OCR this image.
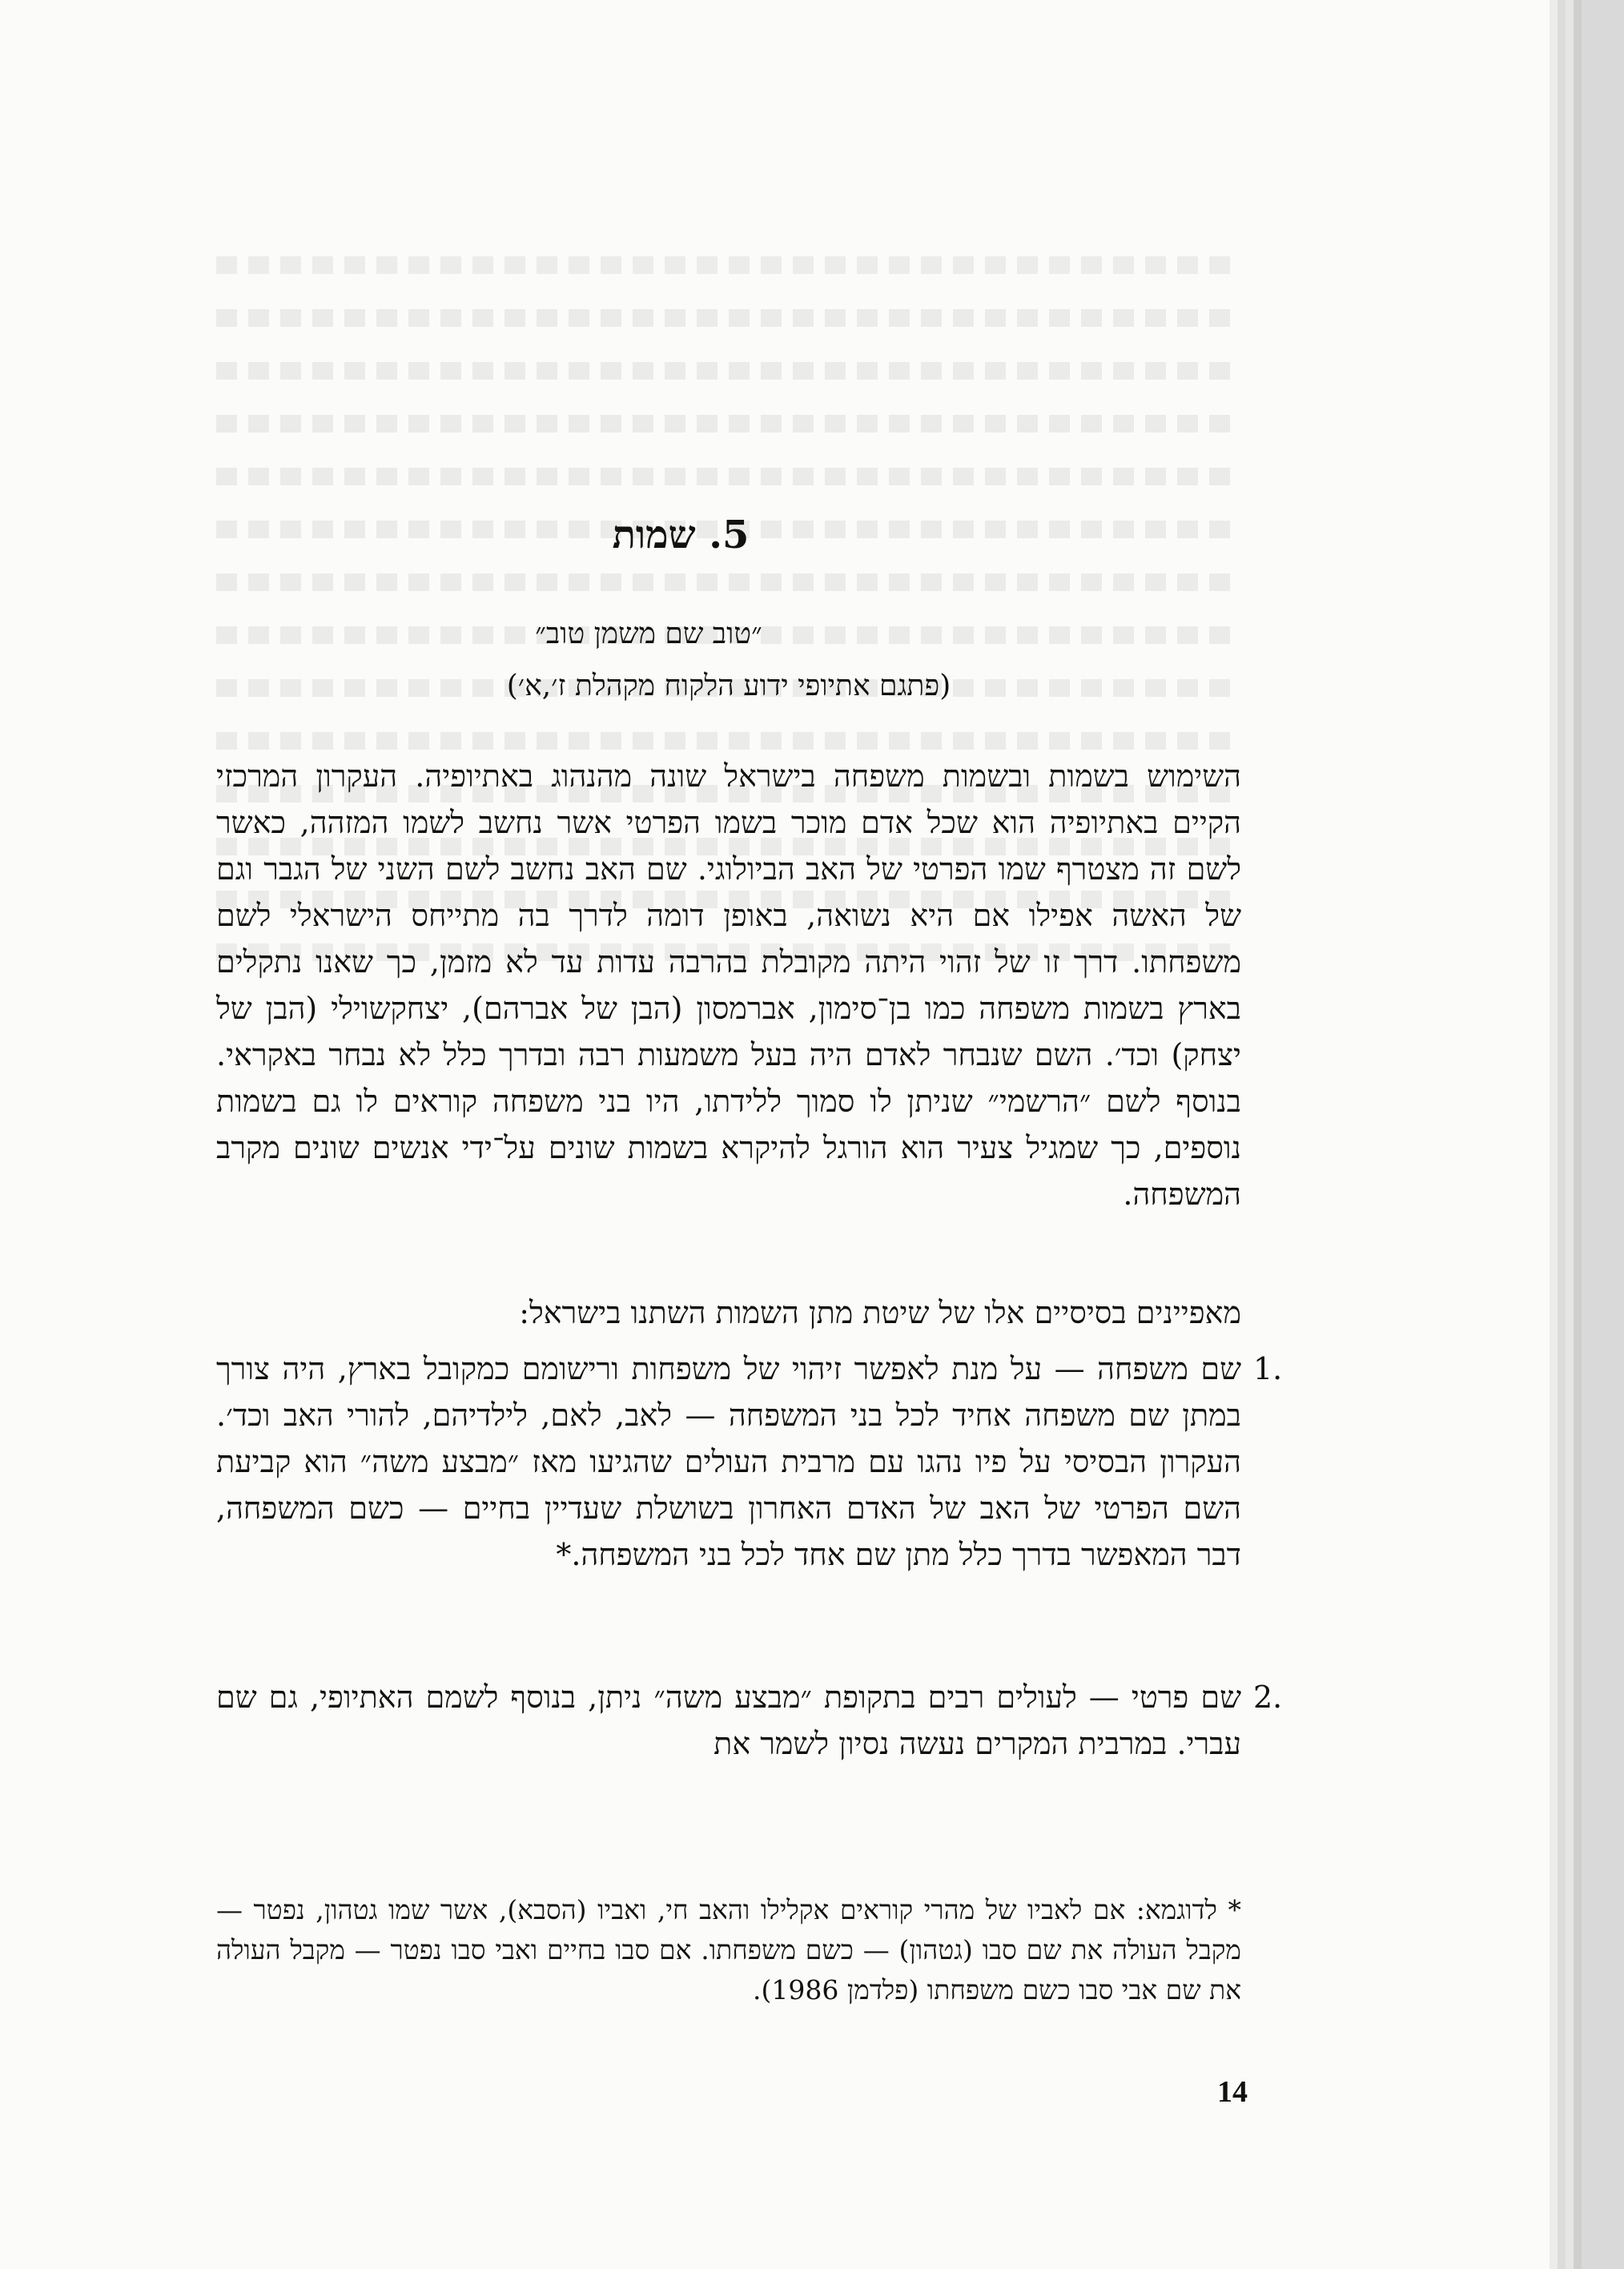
5. שמות
״טוב שם משמן טוב״
(פתגם אתיופי ידוע הלקוח מקהלת ז׳,א׳)

השימוש בשמות ובשמות משפחה בישראל שונה מהנהוג באתיופיה. העקרון המרכזי הקיים באתיופיה הוא שכל אדם מוכר בשמו הפרטי אשר נחשב לשמו המזהה, כאשר לשם זה מצטרף שמו הפרטי של האב הביולוגי. שם האב נחשב לשם השני של הגבר וגם של האשה אפילו אם היא נשואה, באופן דומה לדרך בה מתייחס הישראלי לשם משפחתו. דרך זו של זהוי היתה מקובלת בהרבה עדות עד לא מזמן, כך שאנו נתקלים בארץ בשמות משפחה כמו בן־סימון, אברמסון (הבן של אברהם), יצחקשוילי (הבן של יצחק) וכד׳. השם שנבחר לאדם היה בעל משמעות רבה ובדרך כלל לא נבחר באקראי. בנוסף לשם ״הרשמי״ שניתן לו סמוך ללידתו, היו בני משפחה קוראים לו גם בשמות נוספים, כך שמגיל צעיר הוא הורגל להיקרא בשמות שונים על־ידי אנשים שונים מקרב המשפחה.

מאפיינים בסיסיים אלו של שיטת מתן השמות השתנו בישראל:

1.
שם משפחה — על מנת לאפשר זיהוי של משפחות ורישומם כמקובל בארץ, היה צורך במתן שם משפחה אחיד לכל בני המשפחה — לאב, לאם, לילדיהם, להורי האב וכד׳. העקרון הבסיסי על פיו נהגו עם מרבית העולים שהגיעו מאז ״מבצע משה״ הוא קביעת השם הפרטי של האב של האדם האחרון בשושלת שעדיין בחיים — כשם המשפחה, דבר המאפשר בדרך כלל מתן שם אחד לכל בני המשפחה.*
2.
שם פרטי — לעולים רבים בתקופת ״מבצע משה״ ניתן, בנוסף לשמם האתיופי, גם שם עברי. במרבית המקרים נעשה נסיון לשמר את
* לדוגמא: אם לאביו של מהרי קוראים אקלילו והאב חי, ואביו (הסבא), אשר שמו גטהון, נפטר — מקבל העולה את שם סבו (גטהון) — כשם משפחתו. אם סבו בחיים ואבי סבו נפטר — מקבל העולה את שם אבי סבו כשם משפחתו (פלדמן 1986).
14
